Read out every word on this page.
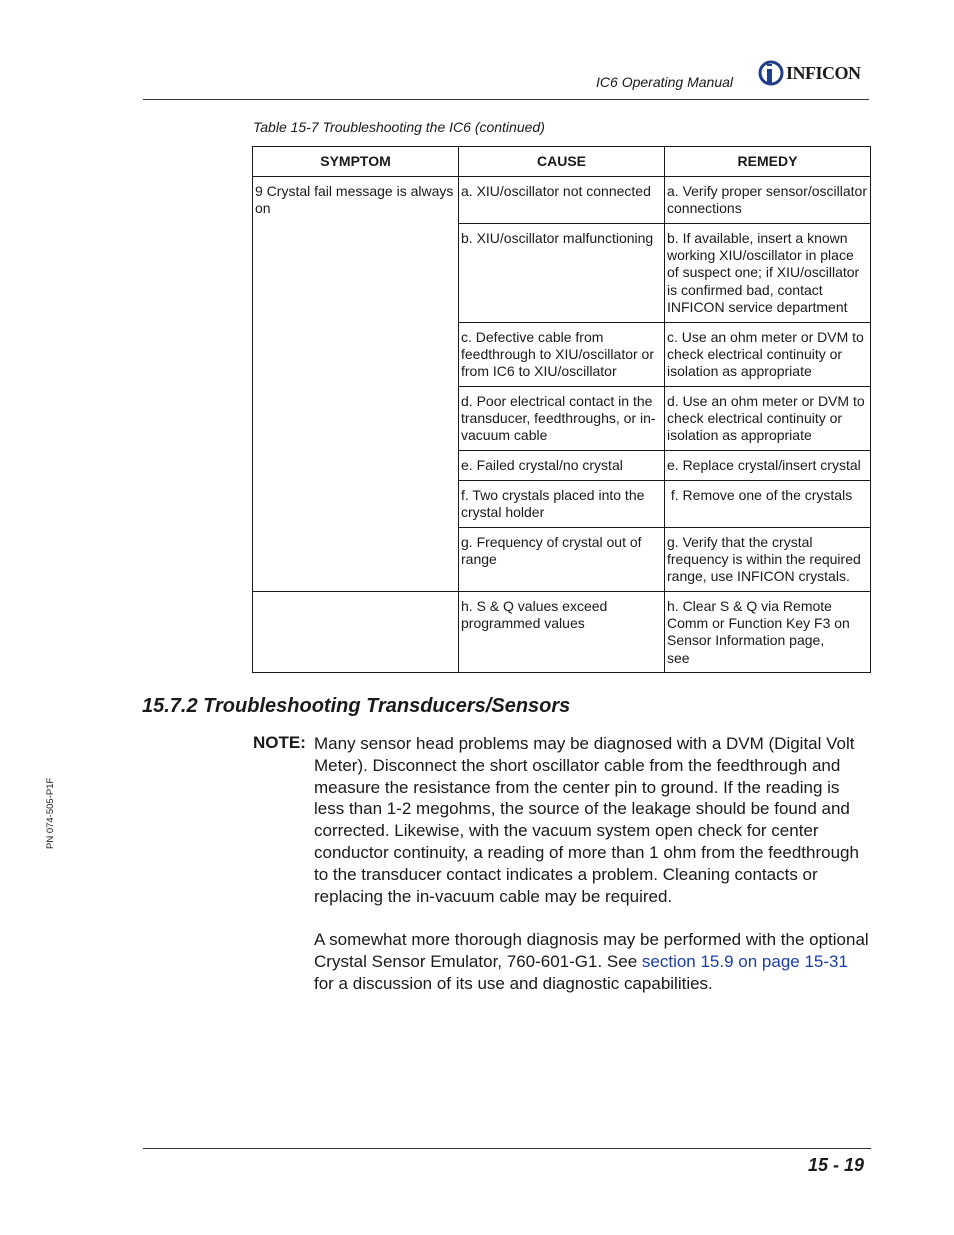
IC6 Operating Manual	INFICON
Table 15-7 Troubleshooting the IC6 (continued)
SYMPTOM	CAUSE	REMEDY
9 Crystal fail message is always on	a. XIU/oscillator not connected	a. Verify proper sensor/oscillator connections
	b. XIU/oscillator malfunctioning	b. If available, insert a known working XIU/oscillator in place of suspect one; if XIU/oscillator is confirmed bad, contact INFICON service department
	c. Defective cable from feedthrough to XIU/oscillator or from IC6 to XIU/oscillator	c. Use an ohm meter or DVM to check electrical continuity or isolation as appropriate
	d. Poor electrical contact in the transducer, feedthroughs, or in-vacuum cable	d. Use an ohm meter or DVM to check electrical continuity or isolation as appropriate
	e. Failed crystal/no crystal	e. Replace crystal/insert crystal
	f. Two crystals placed into the crystal holder	f. Remove one of the crystals
	g. Frequency of crystal out of range	g. Verify that the crystal frequency is within the required range, use INFICON crystals.
	h. S & Q values exceed programmed values	h. Clear S & Q via Remote Comm or Function Key F3 on Sensor Information page,
see
15.7.2 Troubleshooting Transducers/Sensors
NOTE: Many sensor head problems may be diagnosed with a DVM (Digital Volt Meter). Disconnect the short oscillator cable from the feedthrough and measure the resistance from the center pin to ground. If the reading is less than 1-2 megohms, the source of the leakage should be found and corrected. Likewise, with the vacuum system open check for center conductor continuity, a reading of more than 1 ohm from the feedthrough to the transducer contact indicates a problem. Cleaning contacts or replacing the in-vacuum cable may be required.

A somewhat more thorough diagnosis may be performed with the optional Crystal Sensor Emulator, 760-601-G1. See section 15.9 on page 15-31 for a discussion of its use and diagnostic capabilities.

PN 074-505-P1F
15 - 19
